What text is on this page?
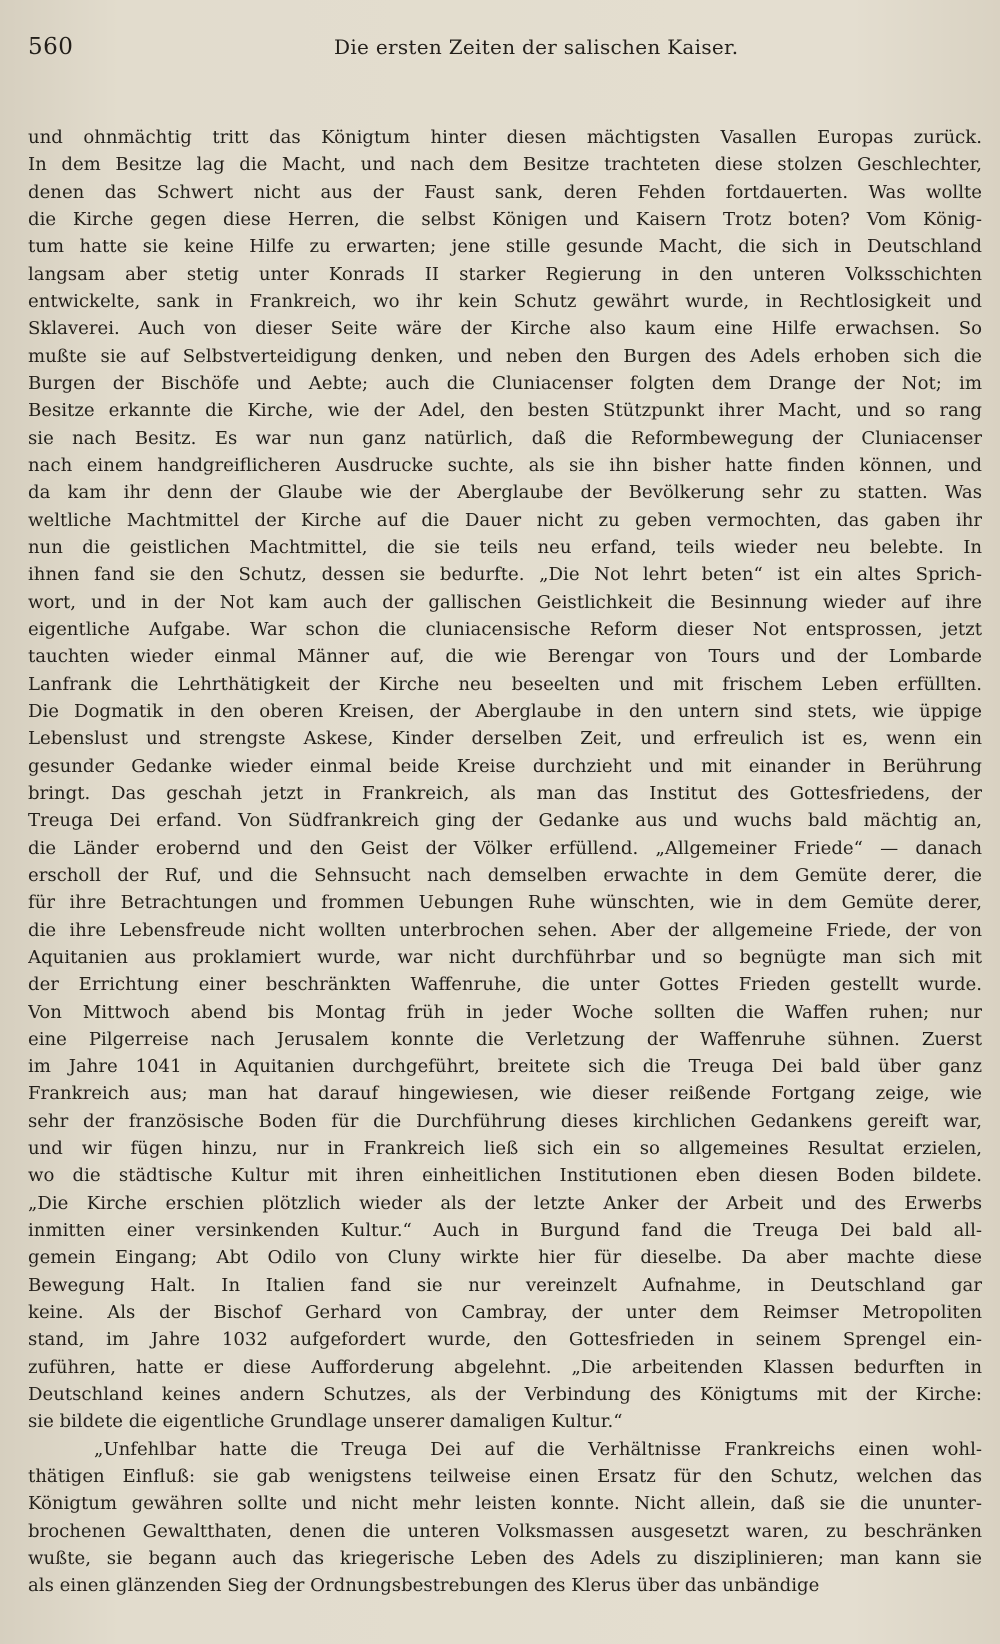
560	Die ersten Zeiten der salischen Kaiser.
und ohnmächtig tritt das Königtum hinter diesen mächtigsten Vasallen Europas zurück.
In dem Besitze lag die Macht, und nach dem Besitze trachteten diese stolzen Geschlechter,
denen das Schwert nicht aus der Faust sank, deren Fehden fortdauerten. Was wollte
die Kirche gegen diese Herren, die selbst Königen und Kaisern Trotz boten? Vom König-
tum hatte sie keine Hilfe zu erwarten; jene stille gesunde Macht, die sich in Deutschland
langsam aber stetig unter Konrads II starker Regierung in den unteren Volksschichten
entwickelte, sank in Frankreich, wo ihr kein Schutz gewährt wurde, in Rechtlosigkeit und
Sklaverei. Auch von dieser Seite wäre der Kirche also kaum eine Hilfe erwachsen. So
mußte sie auf Selbstverteidigung denken, und neben den Burgen des Adels erhoben sich die
Burgen der Bischöfe und Aebte; auch die Cluniacenser folgten dem Drange der Not; im
Besitze erkannte die Kirche, wie der Adel, den besten Stützpunkt ihrer Macht, und so rang
sie nach Besitz. Es war nun ganz natürlich, daß die Reformbewegung der Cluniacenser
nach einem handgreiflicheren Ausdrucke suchte, als sie ihn bisher hatte finden können, und
da kam ihr denn der Glaube wie der Aberglaube der Bevölkerung sehr zu statten. Was
weltliche Machtmittel der Kirche auf die Dauer nicht zu geben vermochten, das gaben ihr
nun die geistlichen Machtmittel, die sie teils neu erfand, teils wieder neu belebte. In
ihnen fand sie den Schutz, dessen sie bedurfte. „Die Not lehrt beten“ ist ein altes Sprich-
wort, und in der Not kam auch der gallischen Geistlichkeit die Besinnung wieder auf ihre
eigentliche Aufgabe. War schon die cluniacensische Reform dieser Not entsprossen, jetzt
tauchten wieder einmal Männer auf, die wie Berengar von Tours und der Lombarde
Lanfrank die Lehrthätigkeit der Kirche neu beseelten und mit frischem Leben erfüllten.
Die Dogmatik in den oberen Kreisen, der Aberglaube in den untern sind stets, wie üppige
Lebenslust und strengste Askese, Kinder derselben Zeit, und erfreulich ist es, wenn ein
gesunder Gedanke wieder einmal beide Kreise durchzieht und mit einander in Berührung
bringt. Das geschah jetzt in Frankreich, als man das Institut des Gottesfriedens, der
Treuga Dei erfand. Von Südfrankreich ging der Gedanke aus und wuchs bald mächtig an,
die Länder erobernd und den Geist der Völker erfüllend. „Allgemeiner Friede“ — danach
erscholl der Ruf, und die Sehnsucht nach demselben erwachte in dem Gemüte derer, die
für ihre Betrachtungen und frommen Uebungen Ruhe wünschten, wie in dem Gemüte derer,
die ihre Lebensfreude nicht wollten unterbrochen sehen. Aber der allgemeine Friede, der von
Aquitanien aus proklamiert wurde, war nicht durchführbar und so begnügte man sich mit
der Errichtung einer beschränkten Waffenruhe, die unter Gottes Frieden gestellt wurde.
Von Mittwoch abend bis Montag früh in jeder Woche sollten die Waffen ruhen; nur
eine Pilgerreise nach Jerusalem konnte die Verletzung der Waffenruhe sühnen. Zuerst
im Jahre 1041 in Aquitanien durchgeführt, breitete sich die Treuga Dei bald über ganz
Frankreich aus; man hat darauf hingewiesen, wie dieser reißende Fortgang zeige, wie
sehr der französische Boden für die Durchführung dieses kirchlichen Gedankens gereift war,
und wir fügen hinzu, nur in Frankreich ließ sich ein so allgemeines Resultat erzielen,
wo die städtische Kultur mit ihren einheitlichen Institutionen eben diesen Boden bildete.
„Die Kirche erschien plötzlich wieder als der letzte Anker der Arbeit und des Erwerbs
inmitten einer versinkenden Kultur.“ Auch in Burgund fand die Treuga Dei bald all-
gemein Eingang; Abt Odilo von Cluny wirkte hier für dieselbe. Da aber machte diese
Bewegung Halt. In Italien fand sie nur vereinzelt Aufnahme, in Deutschland gar
keine. Als der Bischof Gerhard von Cambray, der unter dem Reimser Metropoliten
stand, im Jahre 1032 aufgefordert wurde, den Gottesfrieden in seinem Sprengel ein-
zuführen, hatte er diese Aufforderung abgelehnt. „Die arbeitenden Klassen bedurften in
Deutschland keines andern Schutzes, als der Verbindung des Königtums mit der Kirche:
sie bildete die eigentliche Grundlage unserer damaligen Kultur.“
„Unfehlbar hatte die Treuga Dei auf die Verhältnisse Frankreichs einen wohl-
thätigen Einfluß: sie gab wenigstens teilweise einen Ersatz für den Schutz, welchen das
Königtum gewähren sollte und nicht mehr leisten konnte. Nicht allein, daß sie die ununter-
brochenen Gewaltthaten, denen die unteren Volksmassen ausgesetzt waren, zu beschränken
wußte, sie begann auch das kriegerische Leben des Adels zu disziplinieren; man kann sie
als einen glänzenden Sieg der Ordnungsbestrebungen des Klerus über das unbändige
